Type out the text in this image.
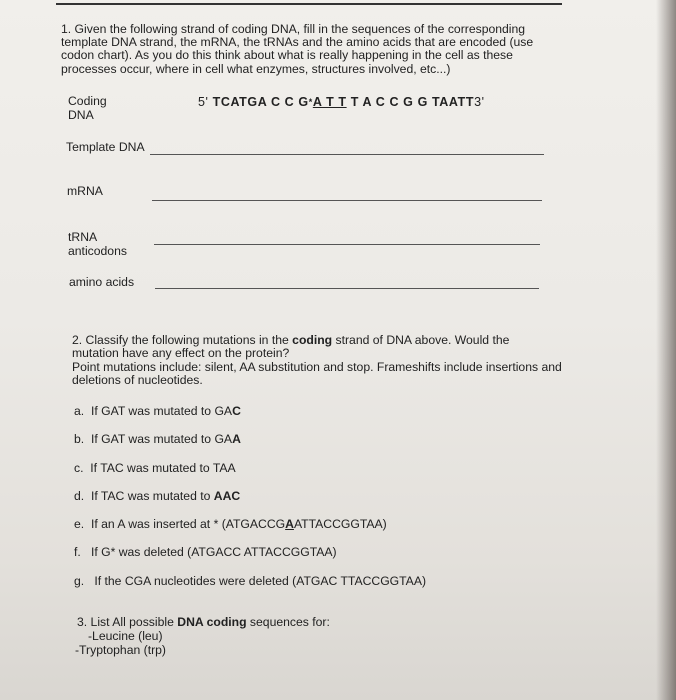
1. Given the following strand of coding DNA, fill in the sequences of the corresponding template DNA strand, the mRNA, the tRNAs and the amino acids that are encoded (use codon chart). As you do this think about what is really happening in the cell as these processes occur, where in cell what enzymes, structures involved, etc...)
Coding
DNA
5' TCATGA C C G*A T T T A C C G G TAATT3'
Template DNA
mRNA
tRNA
anticodons
amino acids
2. Classify the following mutations in the coding strand of DNA above. Would the mutation have any effect on the protein?
Point mutations include: silent, AA substitution and stop. Frameshifts include insertions and deletions of nucleotides.
a. If GAT was mutated to GAC
b. If GAT was mutated to GAA
c. If TAC was mutated to TAA
d. If TAC was mutated to AAC
e. If an A was inserted at * (ATGACCGAATTACCGGTAA)
f. If G* was deleted (ATGACC ATTACCGGTAA)
g. If the CGA nucleotides were deleted (ATGAC TTACCGGTAA)
3. List All possible DNA coding sequences for:
-Leucine (leu)
-Tryptophan (trp)
